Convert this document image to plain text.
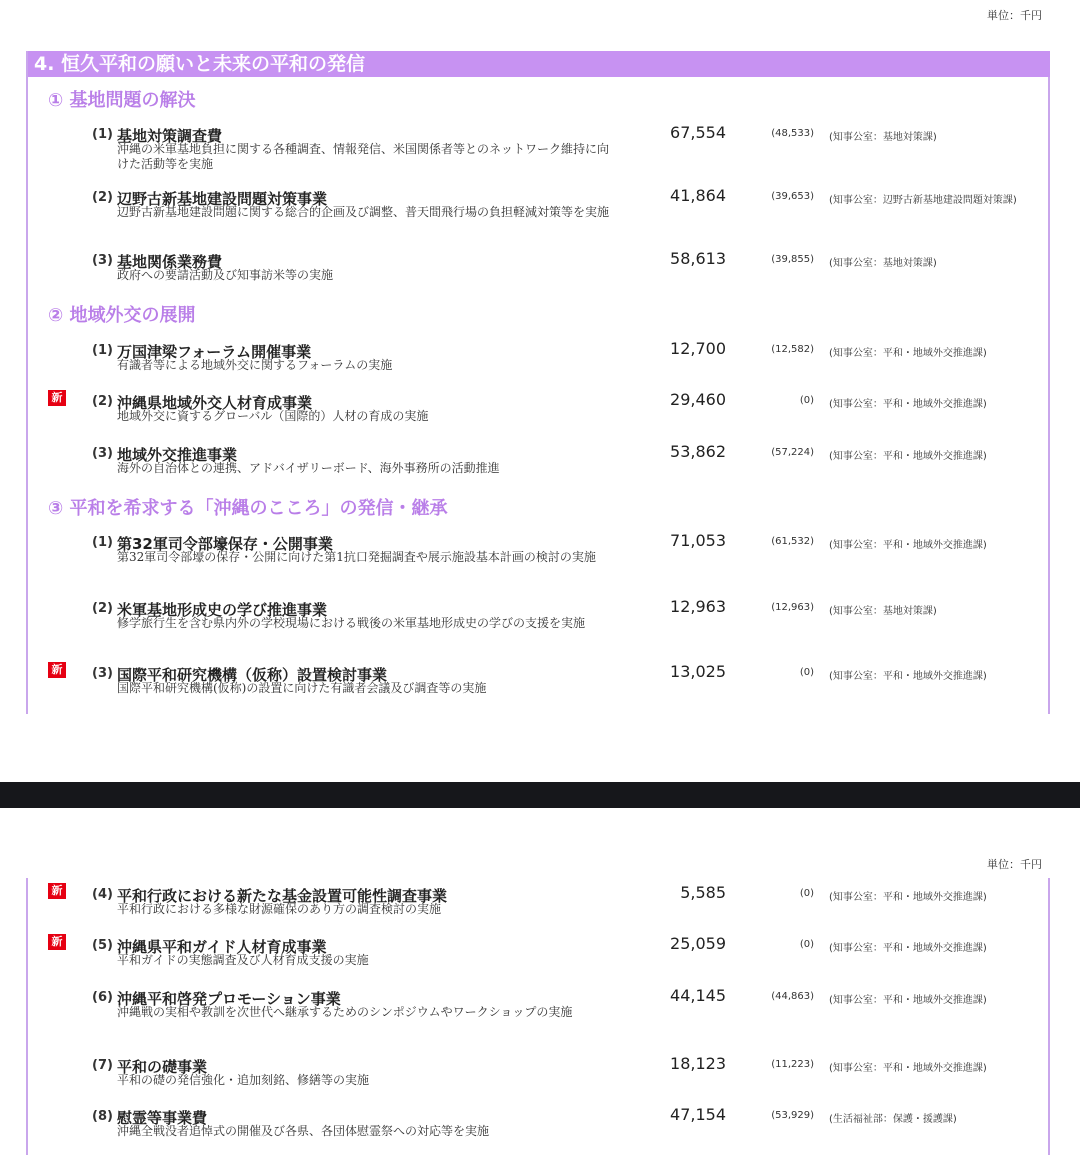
単位：千円
4. 恒久平和の願いと未来の平和の発信
① 基地問題の解決
(1) 基地対策調査費
沖縄の米軍基地負担に関する各種調査、情報発信、米国関係者等とのネットワーク維持に向けた活動等を実施
67,554	(48,533) (知事公室：基地対策課)
(2) 辺野古新基地建設問題対策事業
辺野古新基地建設問題に関する総合的企画及び調整、普天間飛行場の負担軽減対策等を実施
41,864	(39,653) (知事公室：辺野古新基地建設問題対策課)
(3) 基地関係業務費
政府への要請活動及び知事訪米等の実施
58,613	(39,855) (知事公室：基地対策課)
② 地域外交の展開
(1) 万国津梁フォーラム開催事業
有識者等による地域外交に関するフォーラムの実施
12,700	(12,582) (知事公室：平和・地域外交推進課)
新 (2) 沖縄県地域外交人材育成事業
地域外交に資するグローバル（国際的）人材の育成の実施
29,460	(0) (知事公室：平和・地域外交推進課)
(3) 地域外交推進事業
海外の自治体との連携、アドバイザリーボード、海外事務所の活動推進
53,862	(57,224) (知事公室：平和・地域外交推進課)
③ 平和を希求する「沖縄のこころ」の発信・継承
(1) 第32軍司令部壕保存・公開事業
第32軍司令部壕の保存・公開に向けた第1抗口発掘調査や展示施設基本計画の検討の実施
71,053	(61,532) (知事公室：平和・地域外交推進課)
(2) 米軍基地形成史の学び推進事業
修学旅行生を含む県内外の学校現場における戦後の米軍基地形成史の学びの支援を実施
12,963	(12,963) (知事公室：基地対策課)
新 (3) 国際平和研究機構（仮称）設置検討事業
国際平和研究機構(仮称)の設置に向けた有識者会議及び調査等の実施
13,025	(0) (知事公室：平和・地域外交推進課)
単位：千円
新 (4) 平和行政における新たな基金設置可能性調査事業
平和行政における多様な財源確保のあり方の調査検討の実施
5,585	(0) (知事公室：平和・地域外交推進課)
新 (5) 沖縄県平和ガイド人材育成事業
平和ガイドの実態調査及び人材育成支援の実施
25,059	(0) (知事公室：平和・地域外交推進課)
(6) 沖縄平和啓発プロモーション事業
沖縄戦の実相や教訓を次世代へ継承するためのシンポジウムやワークショップの実施
44,145	(44,863) (知事公室：平和・地域外交推進課)
(7) 平和の礎事業
平和の礎の発信強化・追加刻銘、修繕等の実施
18,123	(11,223) (知事公室：平和・地域外交推進課)
(8) 慰霊等事業費
沖縄全戦没者追悼式の開催及び各県、各団体慰霊祭への対応等を実施
47,154	(53,929) (生活福祉部：保護・援護課)
